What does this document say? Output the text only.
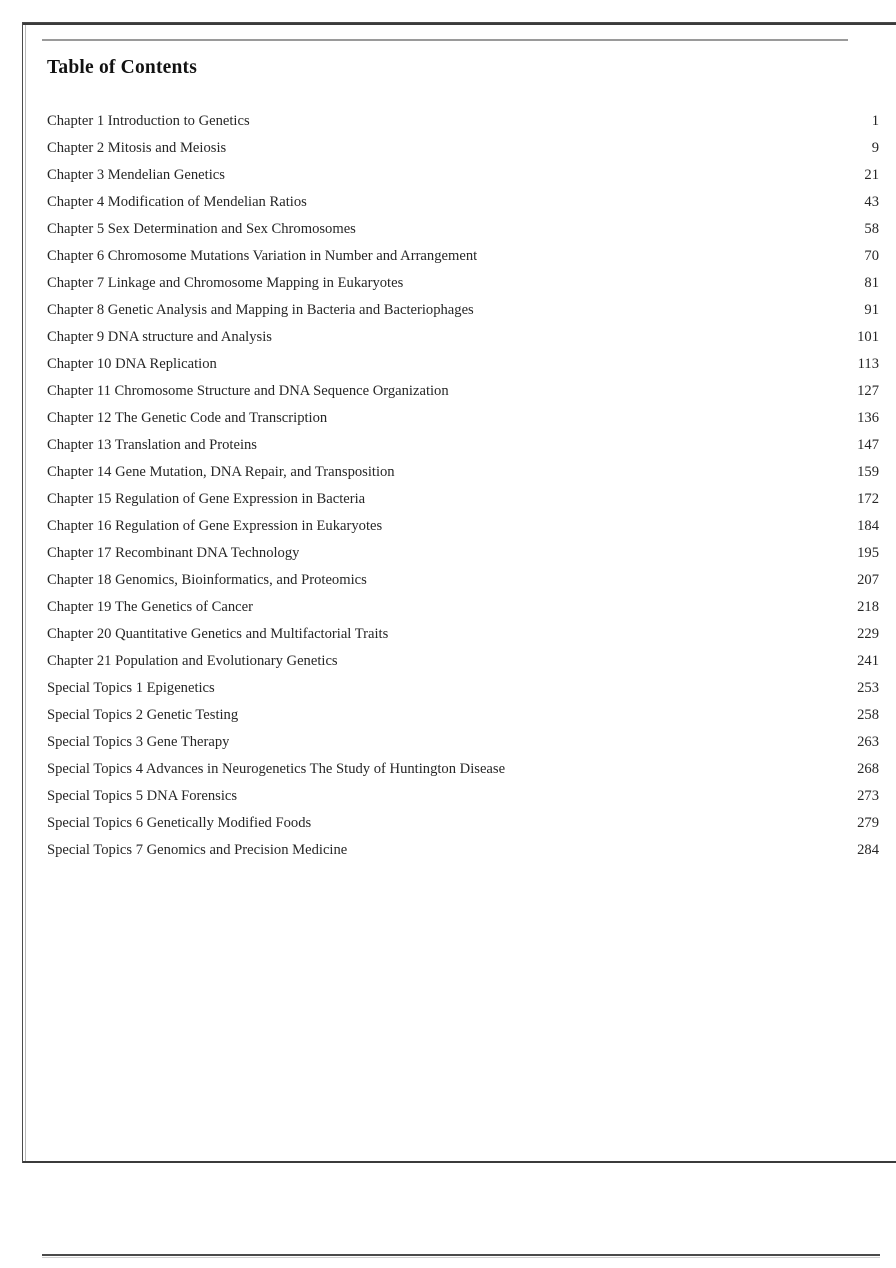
Table of Contents
Chapter 1 Introduction to Genetics	1
Chapter 2 Mitosis and Meiosis	9
Chapter 3 Mendelian Genetics	21
Chapter 4 Modification of Mendelian Ratios	43
Chapter 5 Sex Determination and Sex Chromosomes	58
Chapter 6 Chromosome Mutations Variation in Number and Arrangement	70
Chapter 7 Linkage and Chromosome Mapping in Eukaryotes	81
Chapter 8 Genetic Analysis and Mapping in Bacteria and Bacteriophages	91
Chapter 9 DNA structure and Analysis	101
Chapter 10 DNA Replication	113
Chapter 11 Chromosome Structure and DNA Sequence Organization	127
Chapter 12 The Genetic Code and Transcription	136
Chapter 13 Translation and Proteins	147
Chapter 14 Gene Mutation, DNA Repair, and Transposition	159
Chapter 15 Regulation of Gene Expression in Bacteria	172
Chapter 16 Regulation of Gene Expression in Eukaryotes	184
Chapter 17 Recombinant DNA Technology	195
Chapter 18 Genomics, Bioinformatics, and Proteomics	207
Chapter 19 The Genetics of Cancer	218
Chapter 20 Quantitative Genetics and Multifactorial Traits	229
Chapter 21 Population and Evolutionary Genetics	241
Special Topics 1 Epigenetics	253
Special Topics 2 Genetic Testing	258
Special Topics 3 Gene Therapy	263
Special Topics 4 Advances in Neurogenetics The Study of Huntington Disease	268
Special Topics 5 DNA Forensics	273
Special Topics 6 Genetically Modified Foods	279
Special Topics 7 Genomics and Precision Medicine	284
